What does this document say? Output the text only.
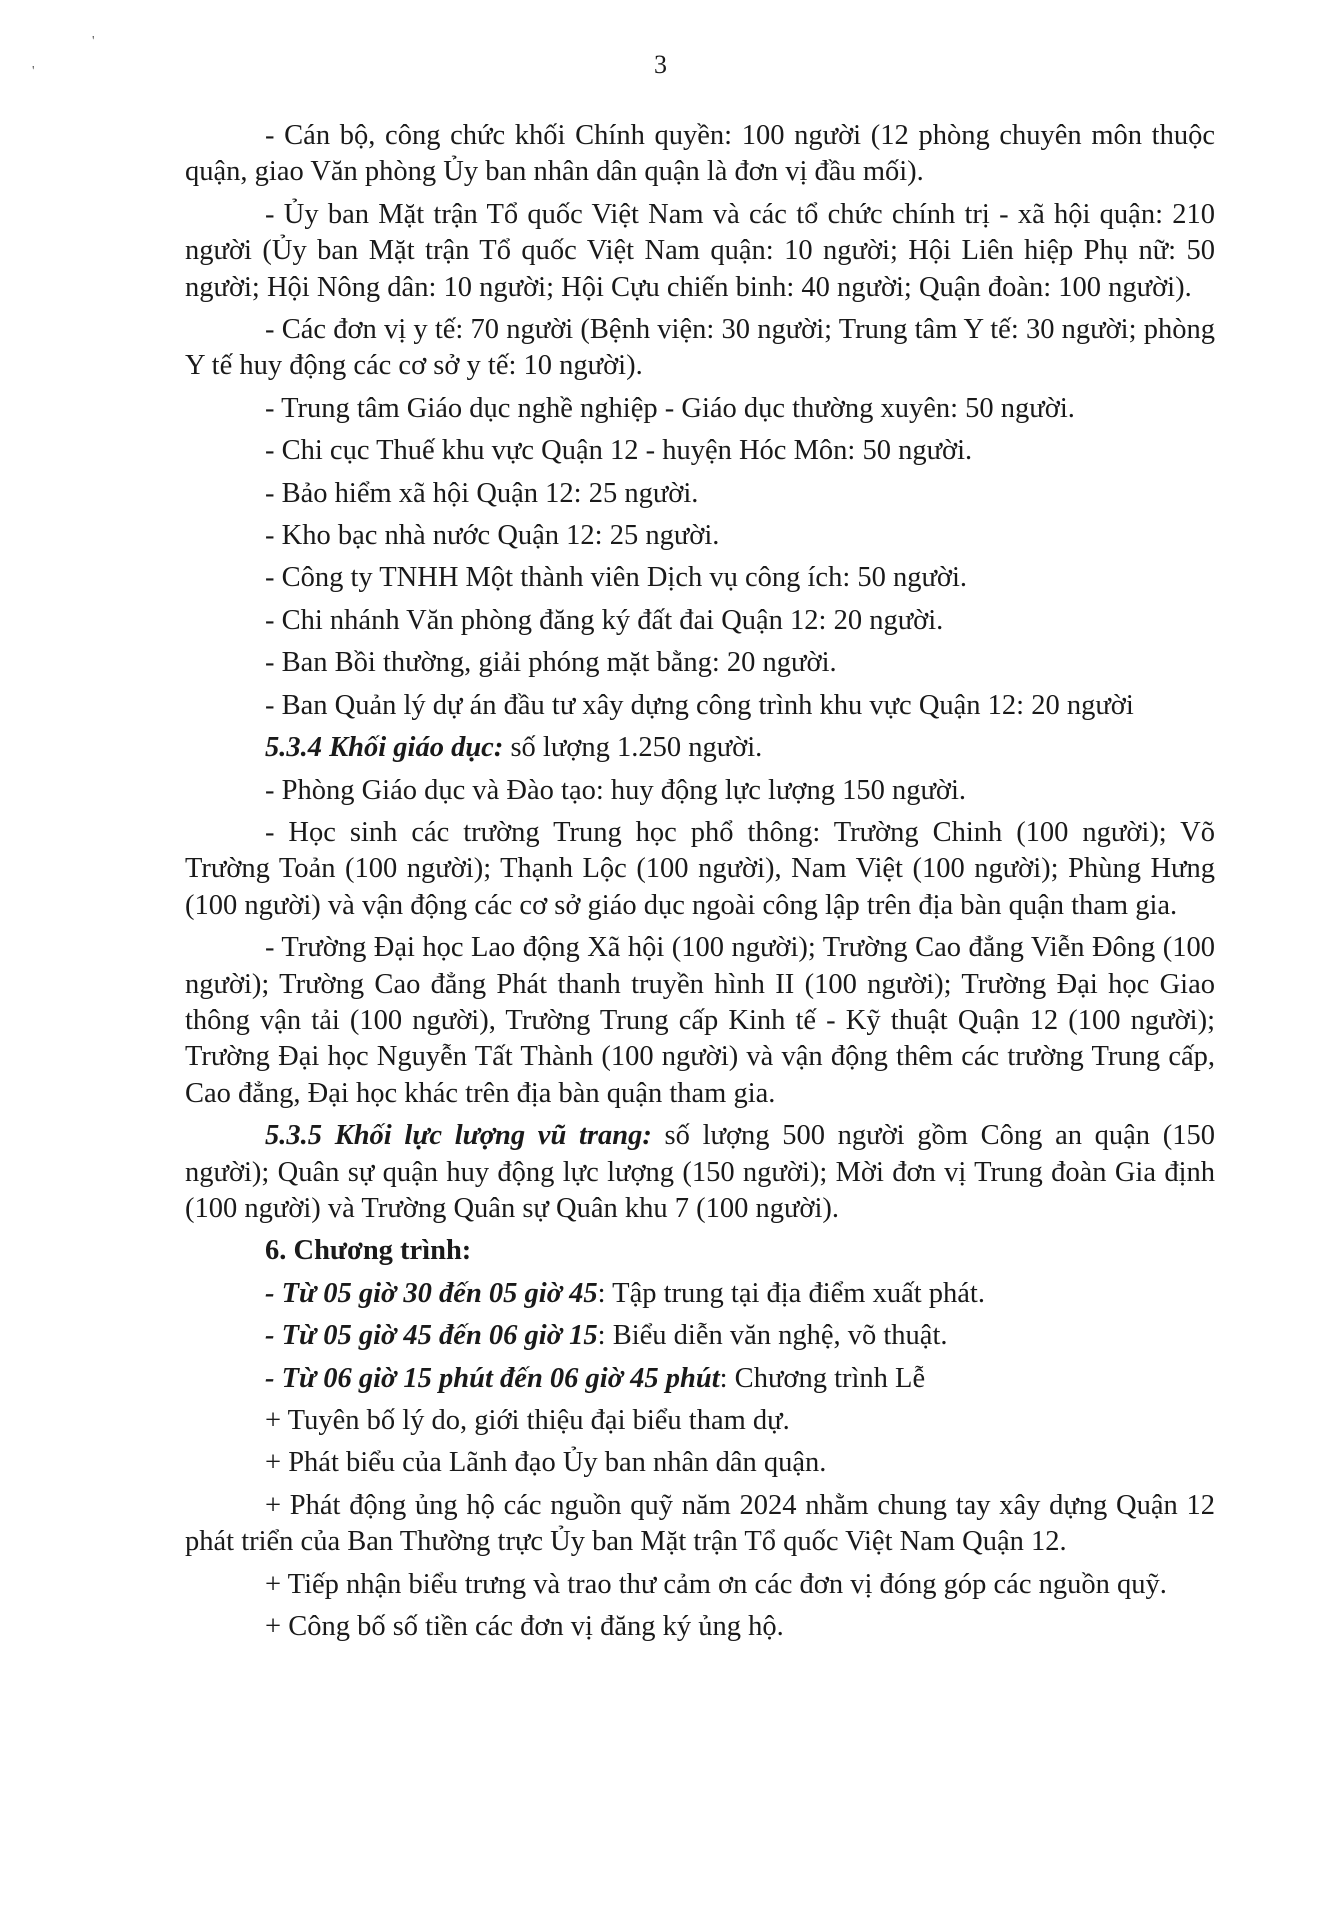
'
'
3

- Cán bộ, công chức khối Chính quyền: 100 người (12 phòng chuyên môn thuộc quận, giao Văn phòng Ủy ban nhân dân quận là đơn vị đầu mối).

- Ủy ban Mặt trận Tổ quốc Việt Nam và các tổ chức chính trị - xã hội quận: 210 người (Ủy ban Mặt trận Tổ quốc Việt Nam quận: 10 người; Hội Liên hiệp Phụ nữ: 50 người; Hội Nông dân: 10 người; Hội Cựu chiến binh: 40 người; Quận đoàn: 100 người).

- Các đơn vị y tế: 70 người (Bệnh viện: 30 người; Trung tâm Y tế: 30 người; phòng Y tế huy động các cơ sở y tế: 10 người).

- Trung tâm Giáo dục nghề nghiệp - Giáo dục thường xuyên: 50 người.

- Chi cục Thuế khu vực Quận 12 - huyện Hóc Môn: 50 người.

- Bảo hiểm xã hội Quận 12: 25 người.

- Kho bạc nhà nước Quận 12: 25 người.

- Công ty TNHH Một thành viên Dịch vụ công ích: 50 người.

- Chi nhánh Văn phòng đăng ký đất đai Quận 12: 20 người.

- Ban Bồi thường, giải phóng mặt bằng: 20 người.

- Ban Quản lý dự án đầu tư xây dựng công trình khu vực Quận 12: 20 người

5.3.4 Khối giáo dục: số lượng 1.250 người.

- Phòng Giáo dục và Đào tạo: huy động lực lượng 150 người.

- Học sinh các trường Trung học phổ thông: Trường Chinh (100 người); Võ Trường Toản (100 người); Thạnh Lộc (100 người), Nam Việt (100 người); Phùng Hưng (100 người) và vận động các cơ sở giáo dục ngoài công lập trên địa bàn quận tham gia.

- Trường Đại học Lao động Xã hội (100 người); Trường Cao đẳng Viễn Đông (100 người); Trường Cao đẳng Phát thanh truyền hình II (100 người); Trường Đại học Giao thông vận tải (100 người), Trường Trung cấp Kinh tế - Kỹ thuật Quận 12 (100 người); Trường Đại học Nguyễn Tất Thành (100 người) và vận động thêm các trường Trung cấp, Cao đẳng, Đại học khác trên địa bàn quận tham gia.

5.3.5 Khối lực lượng vũ trang: số lượng 500 người gồm Công an quận (150 người); Quân sự quận huy động lực lượng (150 người); Mời đơn vị Trung đoàn Gia định (100 người) và Trường Quân sự Quân khu 7 (100 người).

6. Chương trình:

- Từ 05 giờ 30 đến 05 giờ 45: Tập trung tại địa điểm xuất phát.

- Từ 05 giờ 45 đến 06 giờ 15: Biểu diễn văn nghệ, võ thuật.

- Từ 06 giờ 15 phút đến 06 giờ 45 phút: Chương trình Lễ

+ Tuyên bố lý do, giới thiệu đại biểu tham dự.

+ Phát biểu của Lãnh đạo Ủy ban nhân dân quận.

+ Phát động ủng hộ các nguồn quỹ năm 2024 nhằm chung tay xây dựng Quận 12 phát triển của Ban Thường trực Ủy ban Mặt trận Tổ quốc Việt Nam Quận 12.

+ Tiếp nhận biểu trưng và trao thư cảm ơn các đơn vị đóng góp các nguồn quỹ.

+ Công bố số tiền các đơn vị đăng ký ủng hộ.
